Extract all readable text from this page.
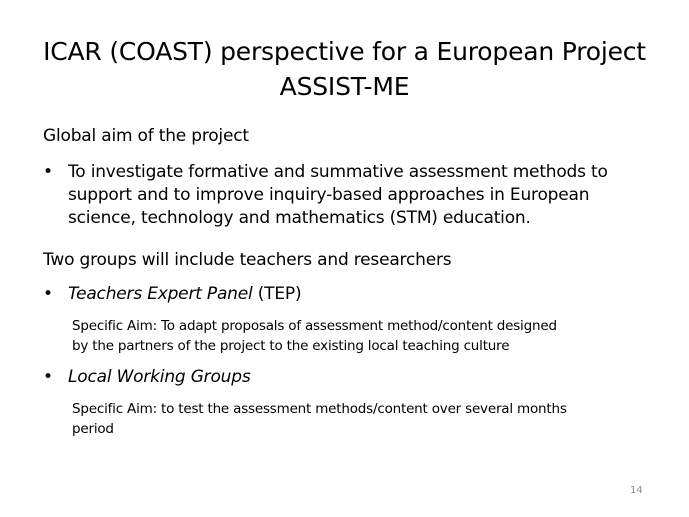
ICAR (COAST) perspective for a European Project
ASSIST-ME
Global aim of the project
• To investigate formative and summative assessment methods to
support and to improve inquiry-based approaches in European
science, technology and mathematics (STM) education.
Two groups will include teachers and researchers
• Teachers Expert Panel (TEP)
Specific Aim: To adapt proposals of assessment method/content designed
by the partners of the project to the existing local teaching culture
• Local Working Groups
Specific Aim: to test the assessment methods/content over several months
period
14
